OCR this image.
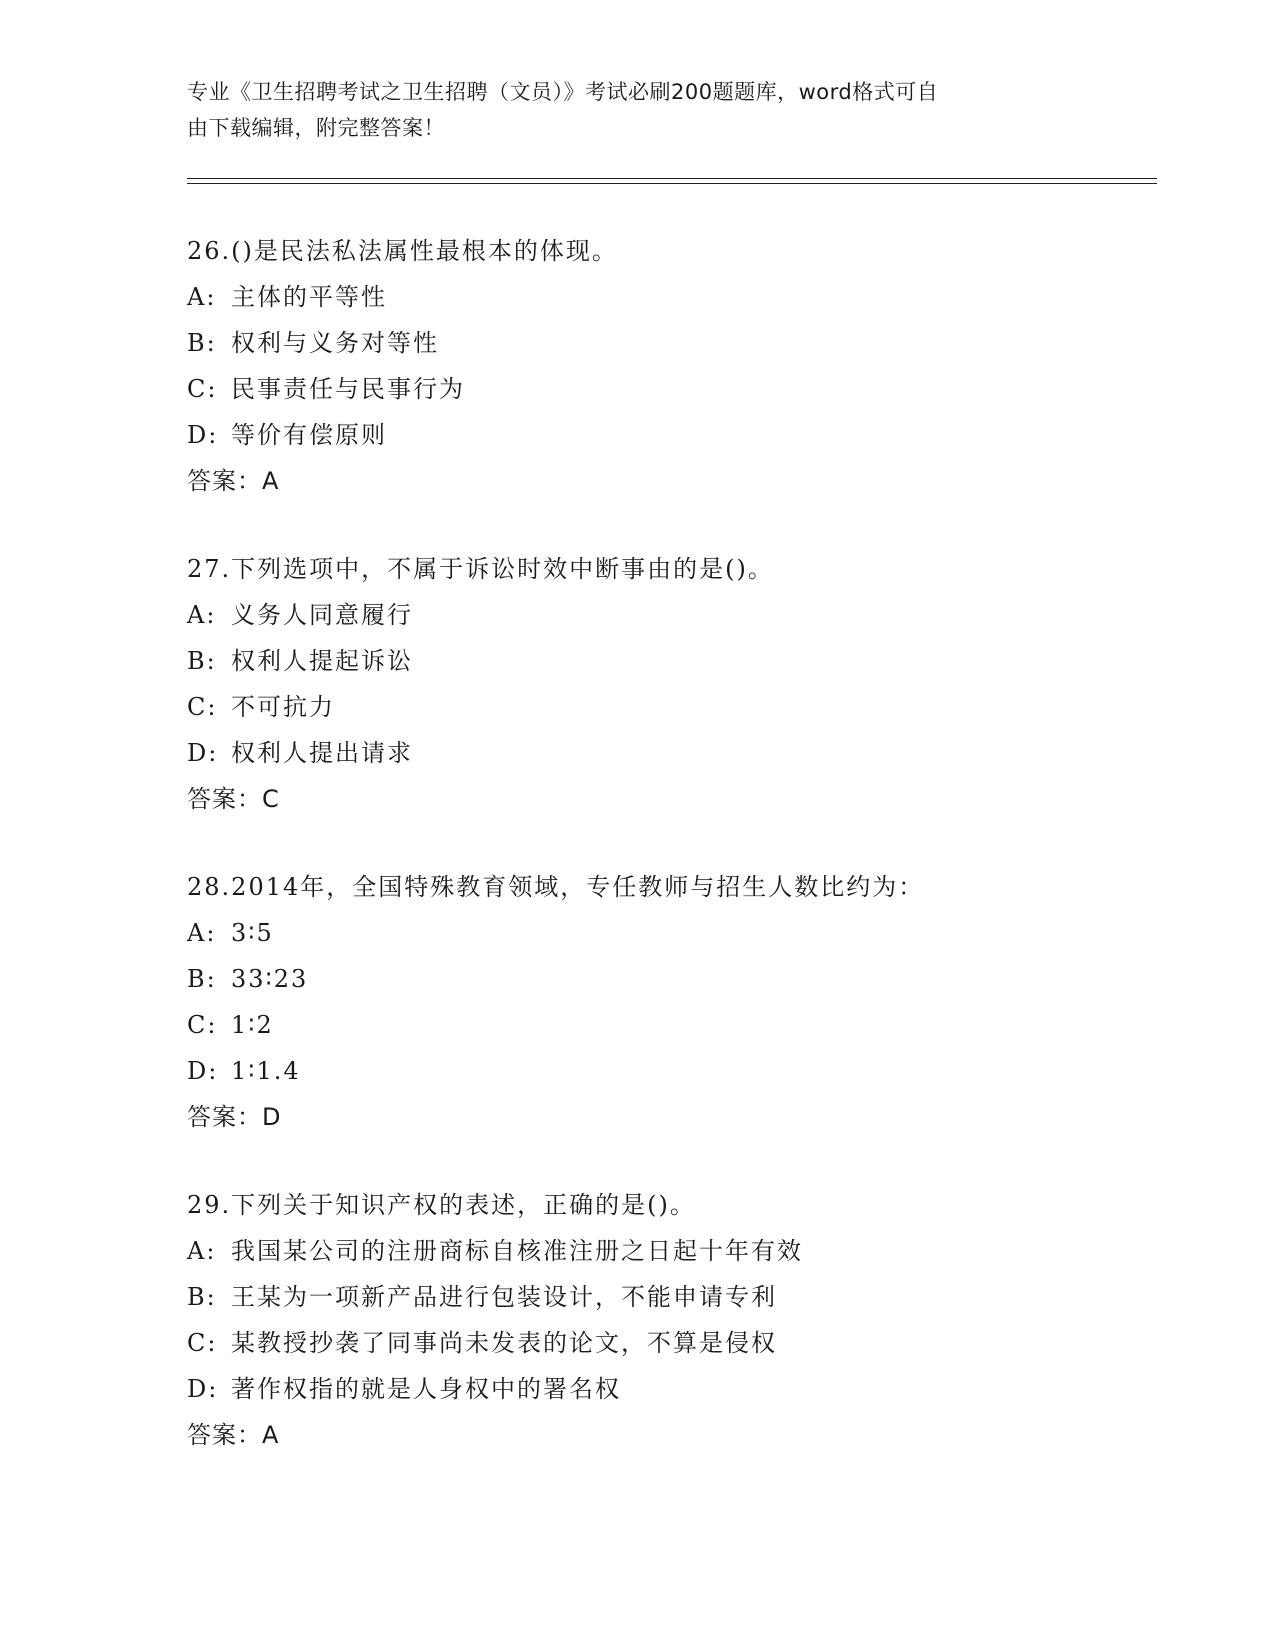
专业《卫生招聘考试之卫生招聘（文员）》考试必刷200题题库，word格式可自
由下载编辑，附完整答案！
26.()是民法私法属性最根本的体现。
A: 主体的平等性
B: 权利与义务对等性
C: 民事责任与民事行为
D: 等价有偿原则
答案：A
27.下列选项中，不属于诉讼时效中断事由的是()。
A: 义务人同意履行
B: 权利人提起诉讼
C: 不可抗力
D: 权利人提出请求
答案：C
28.2014年，全国特殊教育领域，专任教师与招生人数比约为：
A: 3∶5
B: 33∶23
C: 1∶2
D: 1∶1.4
答案：D
29.下列关于知识产权的表述，正确的是()。
A: 我国某公司的注册商标自核准注册之日起十年有效
B: 王某为一项新产品进行包装设计，不能申请专利
C: 某教授抄袭了同事尚未发表的论文，不算是侵权
D: 著作权指的就是人身权中的署名权
答案：A
